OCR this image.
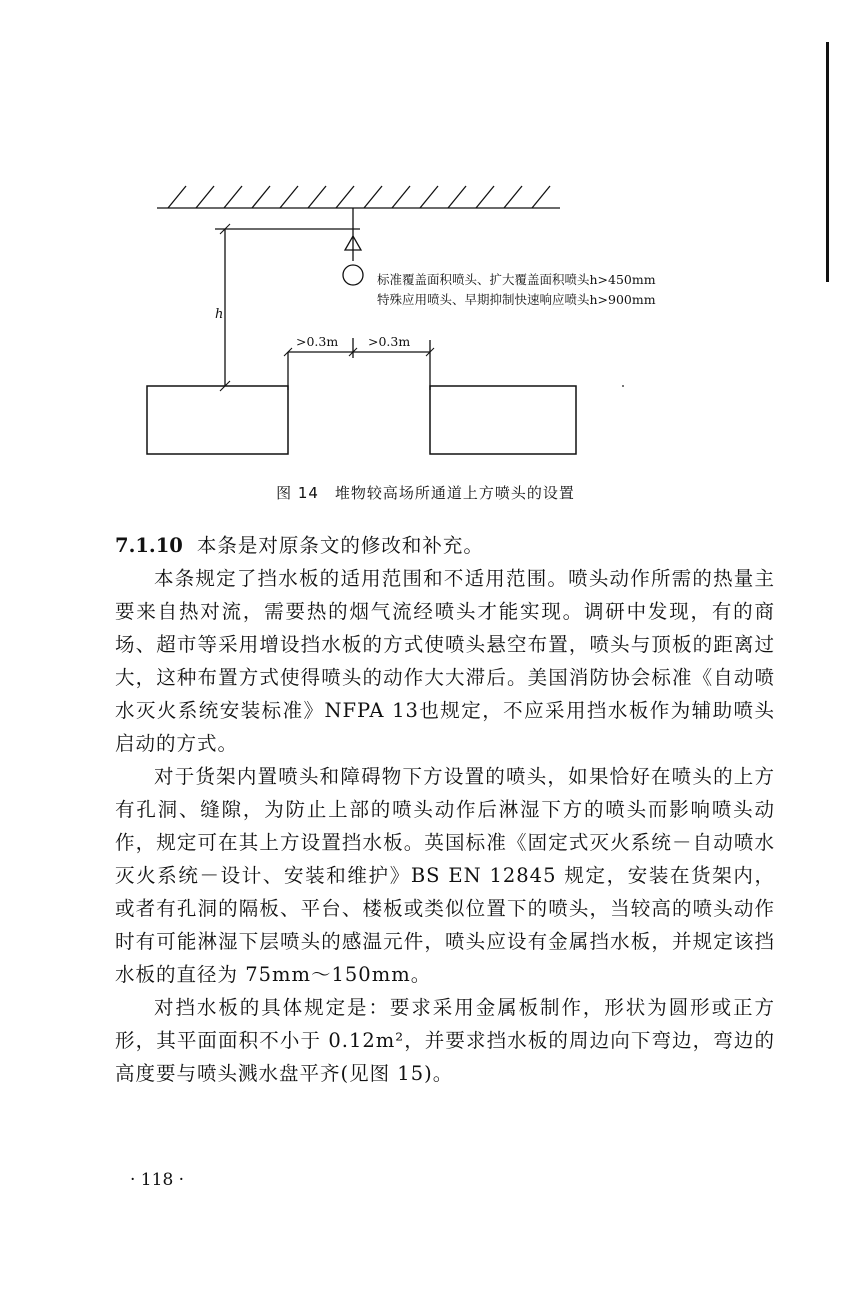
h
标准覆盖面积喷头、扩大覆盖面积喷头h>450mm
特殊应用喷头、早期抑制快速响应喷头h>900mm
>0.3m >0.3m
图 14　堆物较高场所通道上方喷头的设置

7.1.10 本条是对原条文的修改和补充。

本条规定了挡水板的适用范围和不适用范围。喷头动作所需的热量主要来自热对流，需要热的烟气流经喷头才能实现。调研中发现，有的商场、超市等采用增设挡水板的方式使喷头悬空布置，喷头与顶板的距离过大，这种布置方式使得喷头的动作大大滞后。美国消防协会标准《自动喷水灭火系统安装标准》NFPA 13也规定，不应采用挡水板作为辅助喷头启动的方式。

对于货架内置喷头和障碍物下方设置的喷头，如果恰好在喷头的上方有孔洞、缝隙，为防止上部的喷头动作后淋湿下方的喷头而影响喷头动作，规定可在其上方设置挡水板。英国标准《固定式灭火系统－自动喷水灭火系统－设计、安装和维护》BS EN 12845 规定，安装在货架内，或者有孔洞的隔板、平台、楼板或类似位置下的喷头，当较高的喷头动作时有可能淋湿下层喷头的感温元件，喷头应设有金属挡水板，并规定该挡水板的直径为 75mm～150mm。

对挡水板的具体规定是：要求采用金属板制作，形状为圆形或正方形，其平面面积不小于 0.12m²，并要求挡水板的周边向下弯边，弯边的高度要与喷头溅水盘平齐(见图 15)。

· 118 ·
